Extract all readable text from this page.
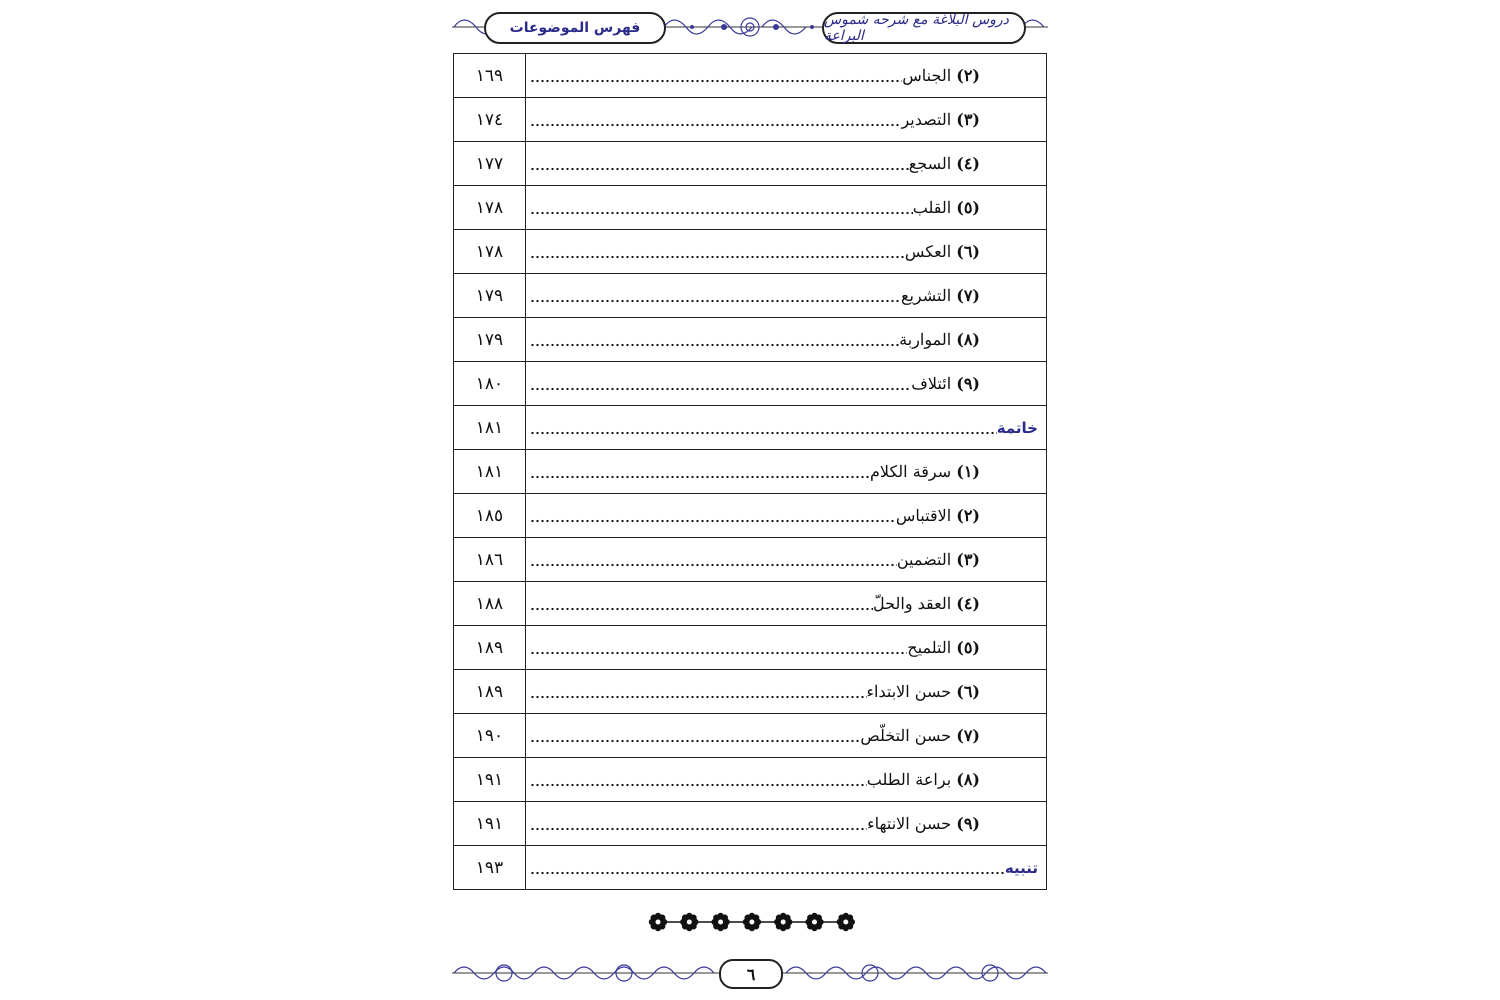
فهرس الموضوعات	دروس البلاغة مع شرحه شموس البراعة
(٢) الجناس	١٦٩

(٣) التصدير	١٧٤

(٤) السجع	١٧٧

(٥) القلب	١٧٨

(٦) العكس	١٧٨

(٧) التشريع	١٧٩

(٨) المواربة	١٧٩

(٩) ائتلاف	١٨٠

خاتمة	١٨١

(١) سرقة الكلام	١٨١

(٢) الاقتباس	١٨٥

(٣) التضمين	١٨٦

(٤) العقد والحلّ	١٨٨

(٥) التلميح	١٨٩

(٦) حسن الابتداء	١٨٩

(٧) حسن التخلّص	١٩٠

(٨) براعة الطلب	١٩١

(٩) حسن الانتهاء	١٩١

تنبيه	١٩٣
٦
